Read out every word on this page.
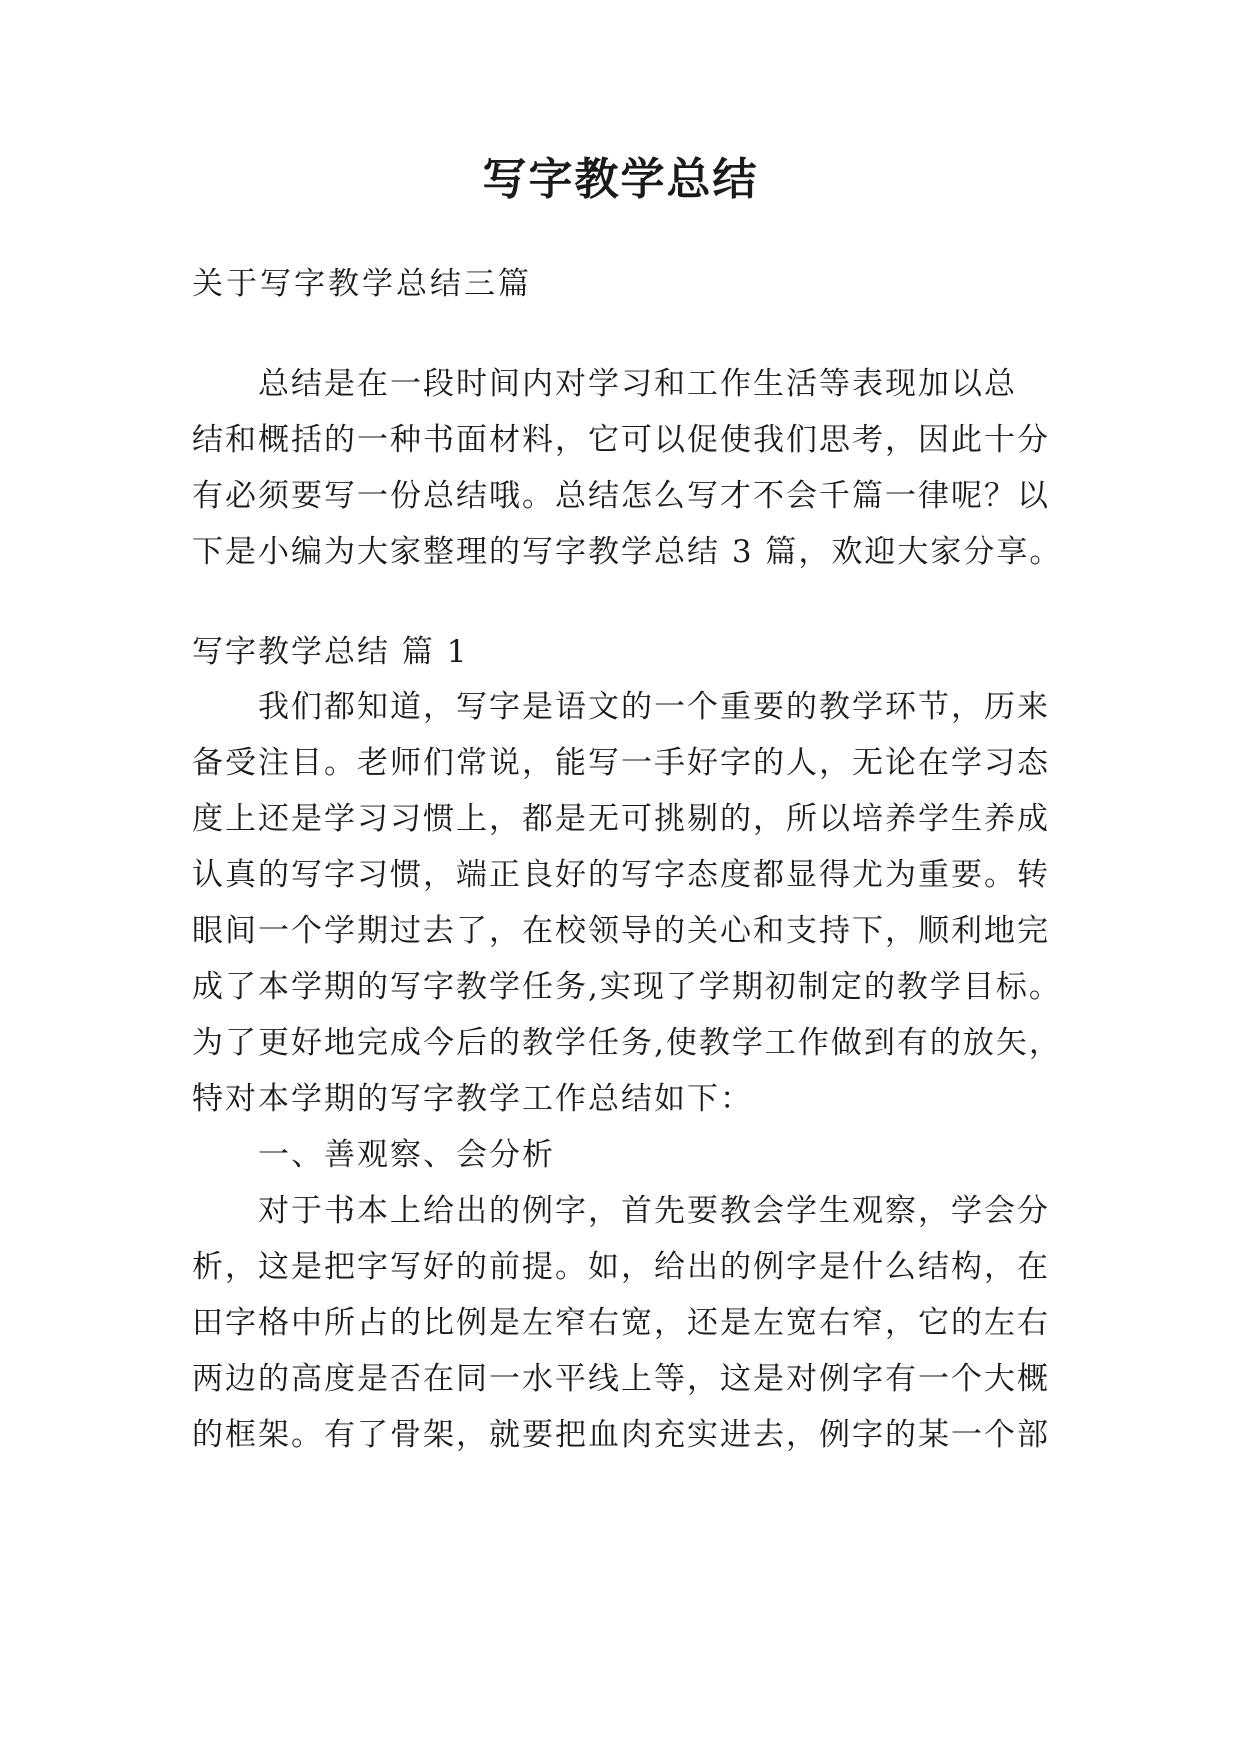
写字教学总结

关于写字教学总结三篇

总结是在一段时间内对学习和工作生活等表现加以总

结和概括的一种书面材料，它可以促使我们思考，因此十分

有必须要写一份总结哦。总结怎么写才不会千篇一律呢？以

下是小编为大家整理的写字教学总结 3 篇，欢迎大家分享。

写字教学总结 篇 1

我们都知道，写字是语文的一个重要的教学环节，历来

备受注目。老师们常说，能写一手好字的人，无论在学习态

度上还是学习习惯上，都是无可挑剔的，所以培养学生养成

认真的写字习惯，端正良好的写字态度都显得尤为重要。转

眼间一个学期过去了，在校领导的关心和支持下，顺利地完

成了本学期的写字教学任务,实现了学期初制定的教学目标。

为了更好地完成今后的教学任务,使教学工作做到有的放矢，

特对本学期的写字教学工作总结如下：

一、善观察、会分析

对于书本上给出的例字，首先要教会学生观察，学会分

析，这是把字写好的前提。如，给出的例字是什么结构，在

田字格中所占的比例是左窄右宽，还是左宽右窄，它的左右

两边的高度是否在同一水平线上等，这是对例字有一个大概

的框架。有了骨架，就要把血肉充实进去，例字的某一个部
